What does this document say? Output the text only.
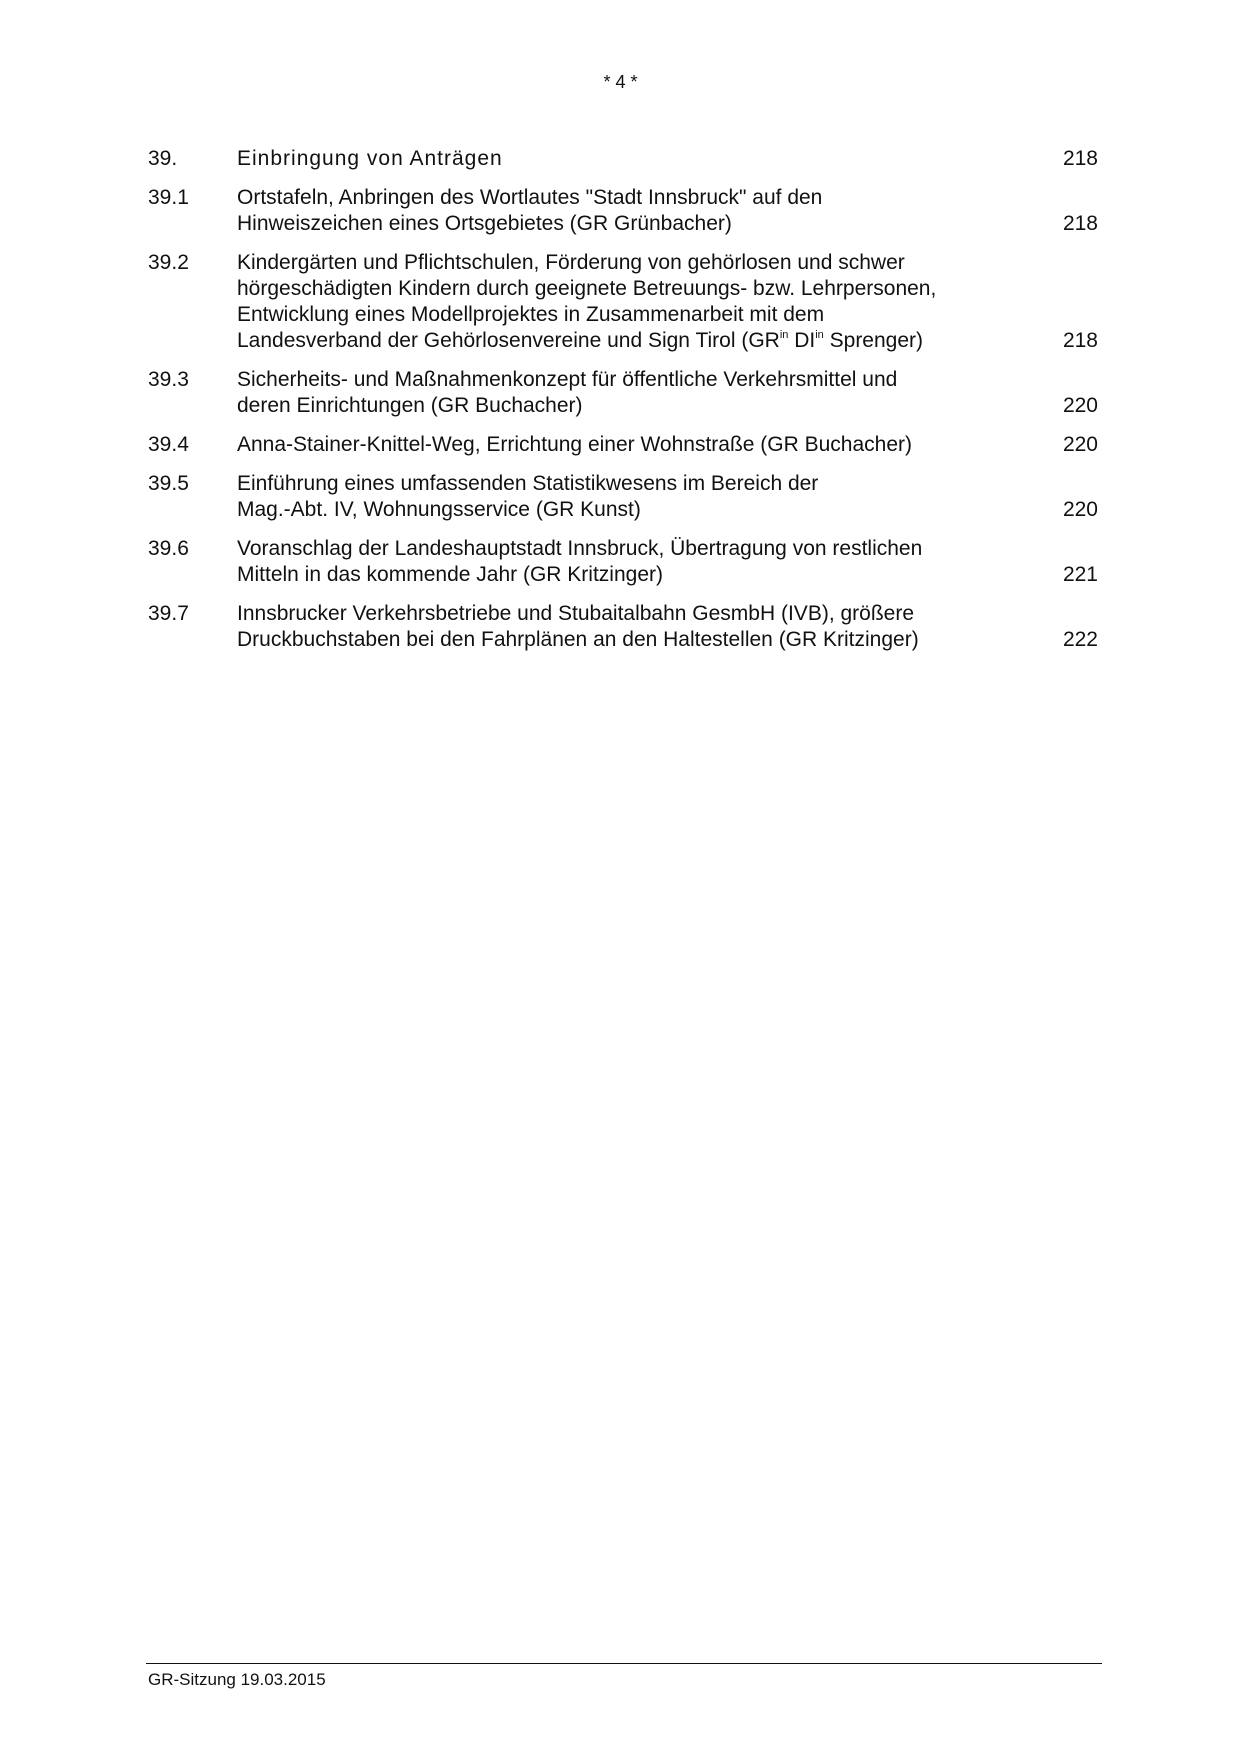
* 4 *
39.	Einbringung von Anträgen	218
39.1	Ortstafeln, Anbringen des Wortlautes "Stadt Innsbruck" auf den
Hinweiszeichen eines Ortsgebietes (GR Grünbacher)	218
39.2	Kindergärten und Pflichtschulen, Förderung von gehörlosen und schwer
hörgeschädigten Kindern durch geeignete Betreuungs- bzw. Lehrpersonen,
Entwicklung eines Modellprojektes in Zusammenarbeit mit dem
Landesverband der Gehörlosenvereine und Sign Tirol ($GR^{in}$ $DI^{in}$ Sprenger)	218
39.3	Sicherheits- und Maßnahmenkonzept für öffentliche Verkehrsmittel und
deren Einrichtungen (GR Buchacher)	220
39.4	Anna-Stainer-Knittel-Weg, Errichtung einer Wohnstraße (GR Buchacher)	220
39.5	Einführung eines umfassenden Statistikwesens im Bereich der
Mag.-Abt. IV, Wohnungsservice (GR Kunst)	220
39.6	Voranschlag der Landeshauptstadt Innsbruck, Übertragung von restlichen
Mitteln in das kommende Jahr (GR Kritzinger)	221
39.7	Innsbrucker Verkehrsbetriebe und Stubaitalbahn GesmbH (IVB), größere
Druckbuchstaben bei den Fahrplänen an den Haltestellen (GR Kritzinger)	222
GR-Sitzung 19.03.2015
